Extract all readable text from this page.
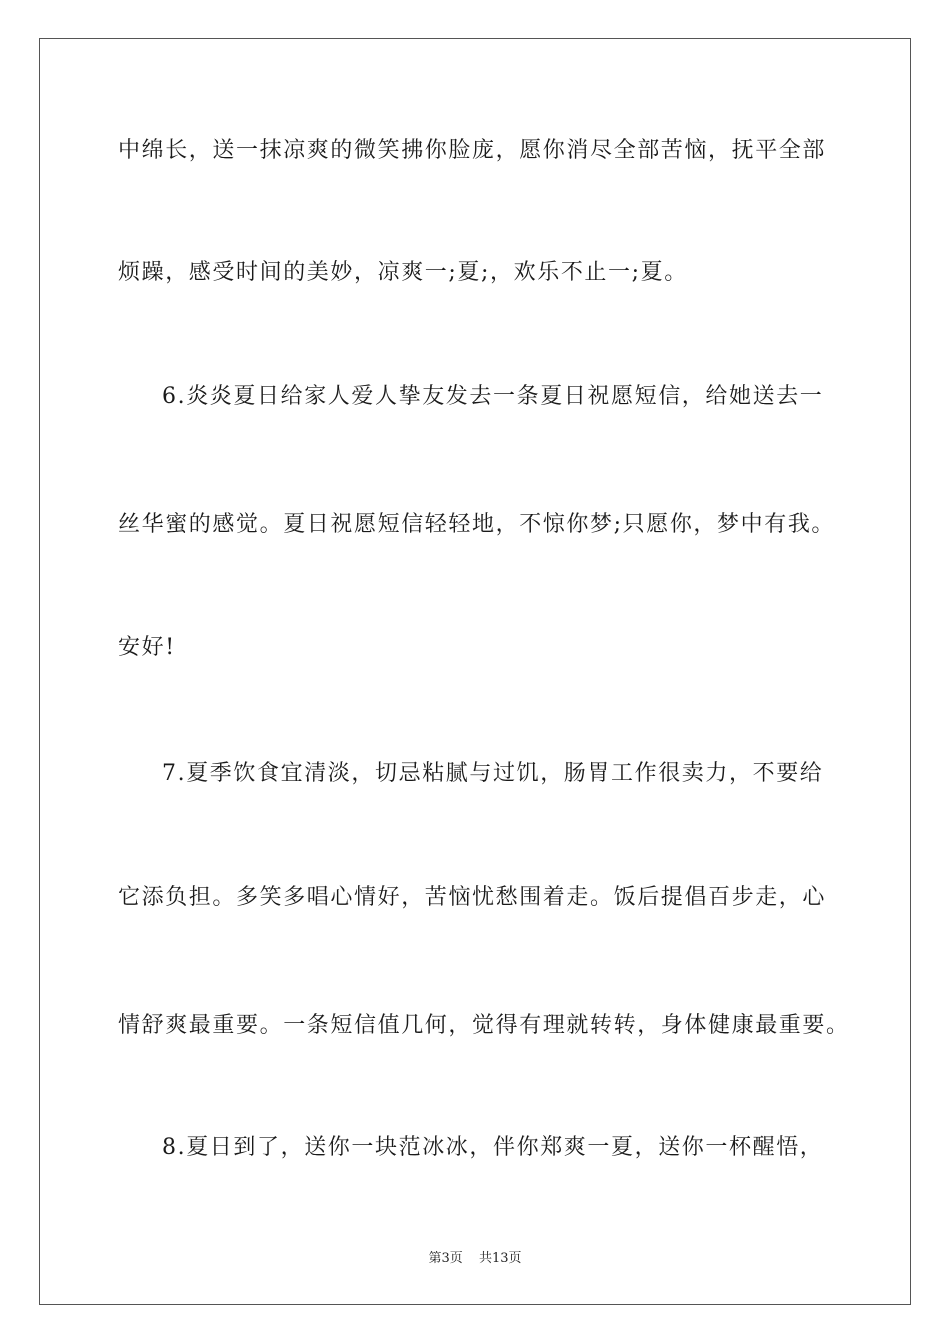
中绵长，送一抹凉爽的微笑拂你脸庞，愿你消尽全部苦恼，抚平全部
烦躁，感受时间的美妙，凉爽一;夏;，欢乐不止一;夏。
6.炎炎夏日给家人爱人挚友发去一条夏日祝愿短信，给她送去一
丝华蜜的感觉。夏日祝愿短信轻轻地，不惊你梦;只愿你，梦中有我。
安好!
7.夏季饮食宜清淡，切忌粘腻与过饥，肠胃工作很卖力，不要给
它添负担。多笑多唱心情好，苦恼忧愁围着走。饭后提倡百步走，心
情舒爽最重要。一条短信值几何，觉得有理就转转，身体健康最重要。
8.夏日到了，送你一块范冰冰，伴你郑爽一夏，送你一杯醒悟，
第3页 共13页
